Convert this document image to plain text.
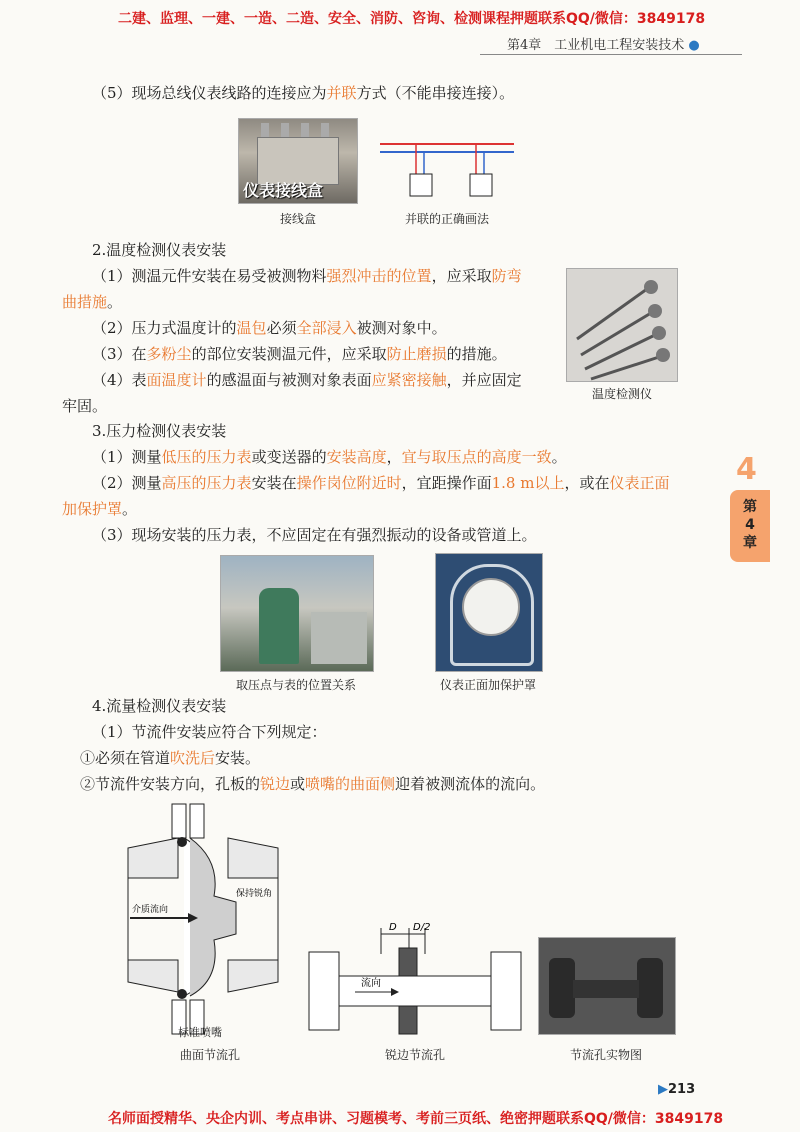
二建、监理、一建、一造、二造、安全、消防、咨询、检测课程押题联系QQ/微信：3849178
第4章　工业机电工程安装技术 ●
（5）现场总线仪表线路的连接应为并联方式（不能串接连接）。
仪表接线盒
接线盒	并联的正确画法
2.温度检测仪表安装
（1）测温元件安装在易受被测物料强烈冲击的位置，应采取防弯
曲措施。
（2）压力式温度计的温包必须全部浸入被测对象中。
（3）在多粉尘的部位安装测温元件，应采取防止磨损的措施。
（4）表面温度计的感温面与被测对象表面应紧密接触，并应固定
牢固。
温度检测仪
3.压力检测仪表安装
（1）测量低压的压力表或变送器的安装高度，宜与取压点的高度一致。
（2）测量高压的压力表安装在操作岗位附近时，宜距操作面1.8 m以上，或在仪表正面
加保护罩。
（3）现场安装的压力表，不应固定在有强烈振动的设备或管道上。
4
第
4
章
取压点与表的位置关系	仪表正面加保护罩
4.流量检测仪表安装
（1）节流件安装应符合下列规定：
①必须在管道吹洗后安装。
②节流件安装方向，孔板的锐边或喷嘴的曲面侧迎着被测流体的流向。
介质流向
保持锐角
标准喷嘴
曲面节流孔
D D/2
流向
锐边节流孔	节流孔实物图
▶213
名师面授精华、央企内训、考点串讲、习题模考、考前三页纸、绝密押题联系QQ/微信：3849178
